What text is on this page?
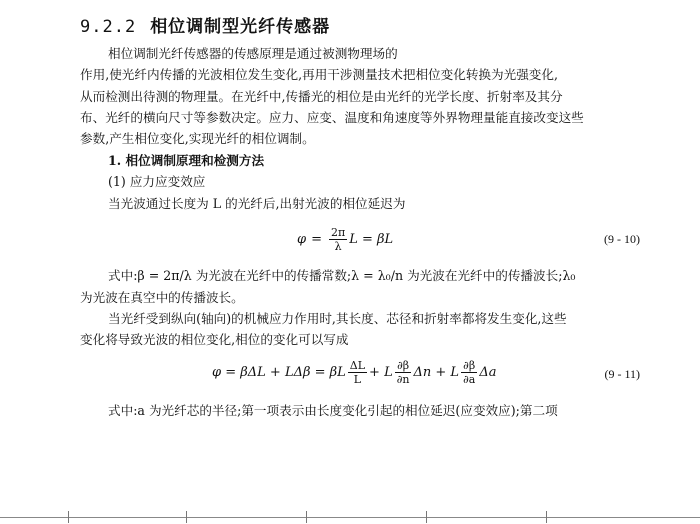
9.2.2 相位调制型光纤传感器
相位调制光纤传感器的传感原理是通过被测物理场的
作用,使光纤内传播的光波相位发生变化,再用干涉测量技术把相位变化转换为光强变化,
从而检测出待测的物理量。在光纤中,传播光的相位是由光纤的光学长度、折射率及其分
布、光纤的横向尺寸等参数决定。应力、应变、温度和角速度等外界物理量能直接改变这些
参数,产生相位变化,实现光纤的相位调制。
1. 相位调制原理和检测方法
(1) 应力应变效应
当光波通过长度为 L 的光纤后,出射光波的相位延迟为
$\varphi = \frac{2\pi}{\lambda}$ L = βL	(9 - 10)
式中:β = 2π/λ 为光波在光纤中的传播常数;λ = λ₀/n 为光波在光纤中的传播波长;λ₀
为光波在真空中的传播波长。
当光纤受到纵向(轴向)的机械应力作用时,其长度、芯径和折射率都将发生变化,这些
变化将导致光波的相位变化,相位的变化可以写成
φ = βΔL + LΔβ = βL $\frac{\Delta L}{L} + L \frac{\partial\beta}{\partial n}$ Δn + L $\frac{\partial\beta}{\partial a}$ Δa	(9 - 11)
式中:a 为光纤芯的半径;第一项表示由长度变化引起的相位延迟(应变效应);第二项
